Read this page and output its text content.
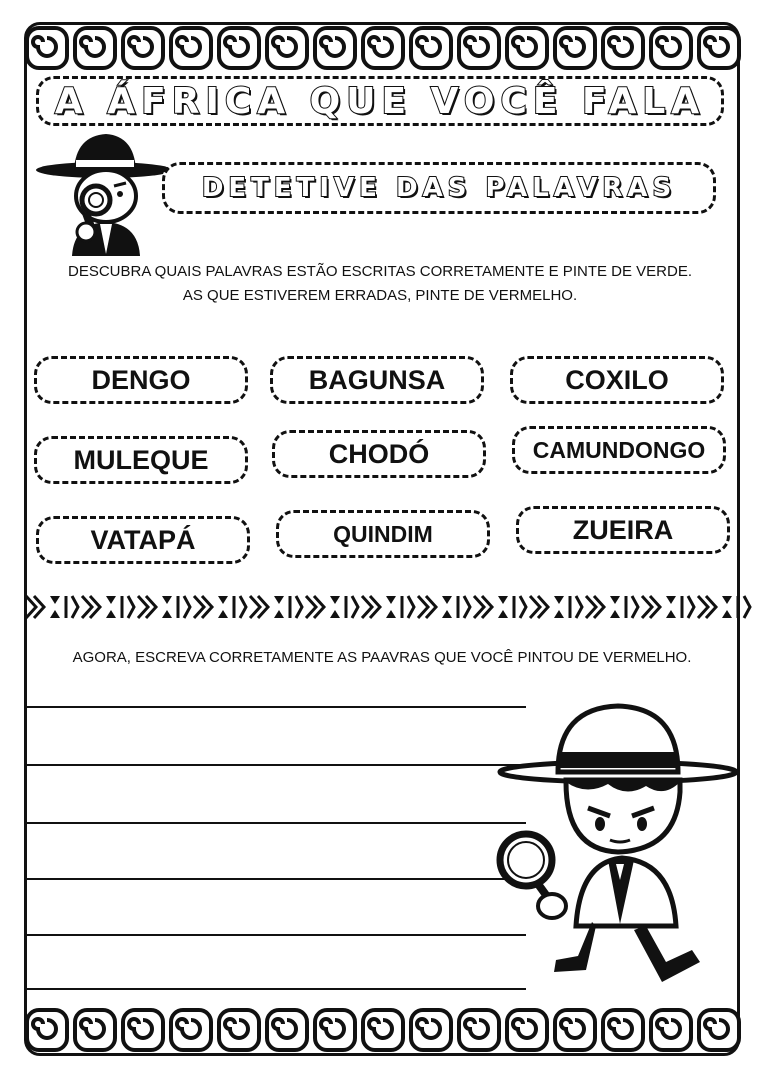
A ÁFRICA QUE VOCÊ FALA
DETETIVE DAS PALAVRAS
DESCUBRA QUAIS PALAVRAS ESTÃO ESCRITAS CORRETAMENTE E PINTE DE VERDE. AS QUE ESTIVEREM ERRADAS, PINTE DE VERMELHO.
DENGO	BAGUNSA	COXILO
MULEQUE	CHODÓ	CAMUNDONGO
VATAPÁ	QUINDIM	ZUEIRA
AGORA, ESCREVA CORRETAMENTE AS PAAVRAS QUE VOCÊ PINTOU DE VERMELHO.
